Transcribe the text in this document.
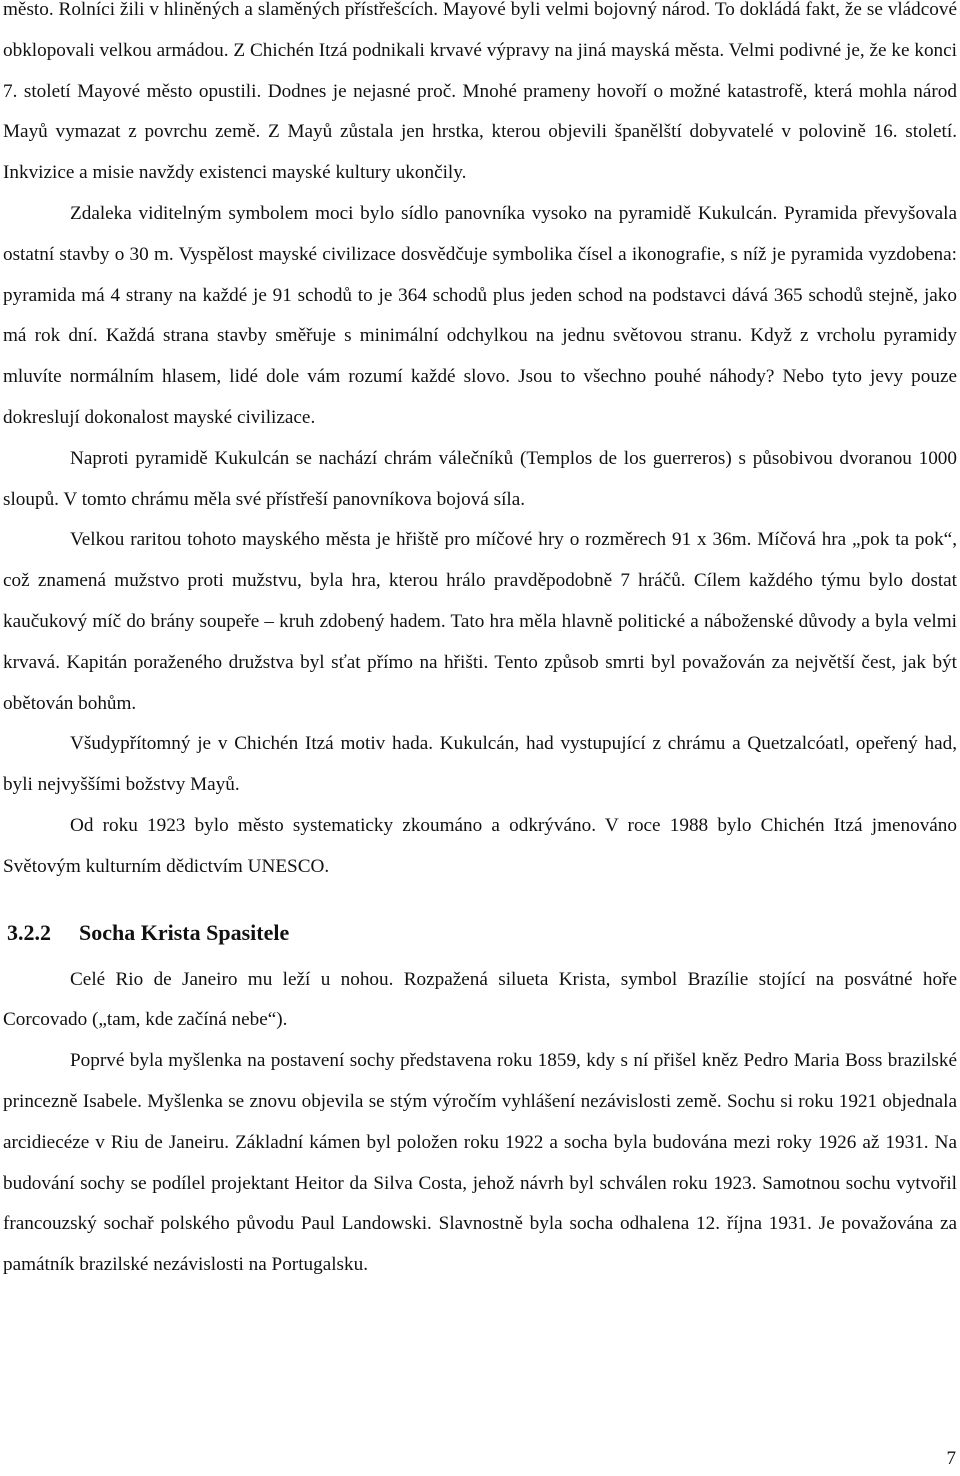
město. Rolníci žili v hliněných a slaměných přístřešcích. Mayové byli velmi bojovný národ. To dokládá fakt, že se vládcové obklopovali velkou armádou. Z Chichén Itzá podnikali krvavé výpravy na jiná mayská města. Velmi podivné je, že ke konci 7. století Mayové město opustili. Dodnes je nejasné proč. Mnohé prameny hovoří o možné katastrofě, která mohla národ Mayů vymazat z povrchu země. Z Mayů zůstala jen hrstka, kterou objevili španělští dobyvatelé v polovině 16. století. Inkvizice a misie navždy existenci mayské kultury ukončily.

Zdaleka viditelným symbolem moci bylo sídlo panovníka vysoko na pyramidě Kukulcán. Pyramida převyšovala ostatní stavby o 30 m. Vyspělost mayské civilizace dosvědčuje symbolika čísel a ikonografie, s níž je pyramida vyzdobena: pyramida má 4 strany na každé je 91 schodů to je 364 schodů plus jeden schod na podstavci dává 365 schodů stejně, jako má rok dní. Každá strana stavby směřuje s minimální odchylkou na jednu světovou stranu. Když z vrcholu pyramidy mluvíte normálním hlasem, lidé dole vám rozumí každé slovo. Jsou to všechno pouhé náhody? Nebo tyto jevy pouze dokreslují dokonalost mayské civilizace.

Naproti pyramidě Kukulcán se nachází chrám válečníků (Templos de los guerreros) s působivou dvoranou 1000 sloupů. V tomto chrámu měla své přístřeší panovníkova bojová síla.

Velkou raritou tohoto mayského města je hřiště pro míčové hry o rozměrech 91 x 36m. Míčová hra „pok ta pok“, což znamená mužstvo proti mužstvu, byla hra, kterou hrálo pravděpodobně 7 hráčů. Cílem každého týmu bylo dostat kaučukový míč do brány soupeře – kruh zdobený hadem. Tato hra měla hlavně politické a náboženské důvody a byla velmi krvavá. Kapitán poraženého družstva byl sťat přímo na hřišti. Tento způsob smrti byl považován za největší čest, jak být obětován bohům.

Všudypřítomný je v Chichén Itzá motiv hada. Kukulcán, had vystupující z chrámu a Quetzalcóatl, opeřený had, byli nejvyššími božstvy Mayů.

Od roku 1923 bylo město systematicky zkoumáno a odkrýváno. V roce 1988 bylo Chichén Itzá jmenováno Světovým kulturním dědictvím UNESCO.

3.2.2 Socha Krista Spasitele

Celé Rio de Janeiro mu leží u nohou. Rozpažená silueta Krista, symbol Brazílie stojící na posvátné hoře Corcovado („tam, kde začíná nebe“).

Poprvé byla myšlenka na postavení sochy představena roku 1859, kdy s ní přišel kněz Pedro Maria Boss brazilské princezně Isabele. Myšlenka se znovu objevila se stým výročím vyhlášení nezávislosti země. Sochu si roku 1921 objednala arcidiecéze v Riu de Janeiru. Základní kámen byl položen roku 1922 a socha byla budována mezi roky 1926 až 1931. Na budování sochy se podílel projektant Heitor da Silva Costa, jehož návrh byl schválen roku 1923. Samotnou sochu vytvořil francouzský sochař polského původu Paul Landowski. Slavnostně byla socha odhalena 12. října 1931. Je považována za památník brazilské nezávislosti na Portugalsku.

7
